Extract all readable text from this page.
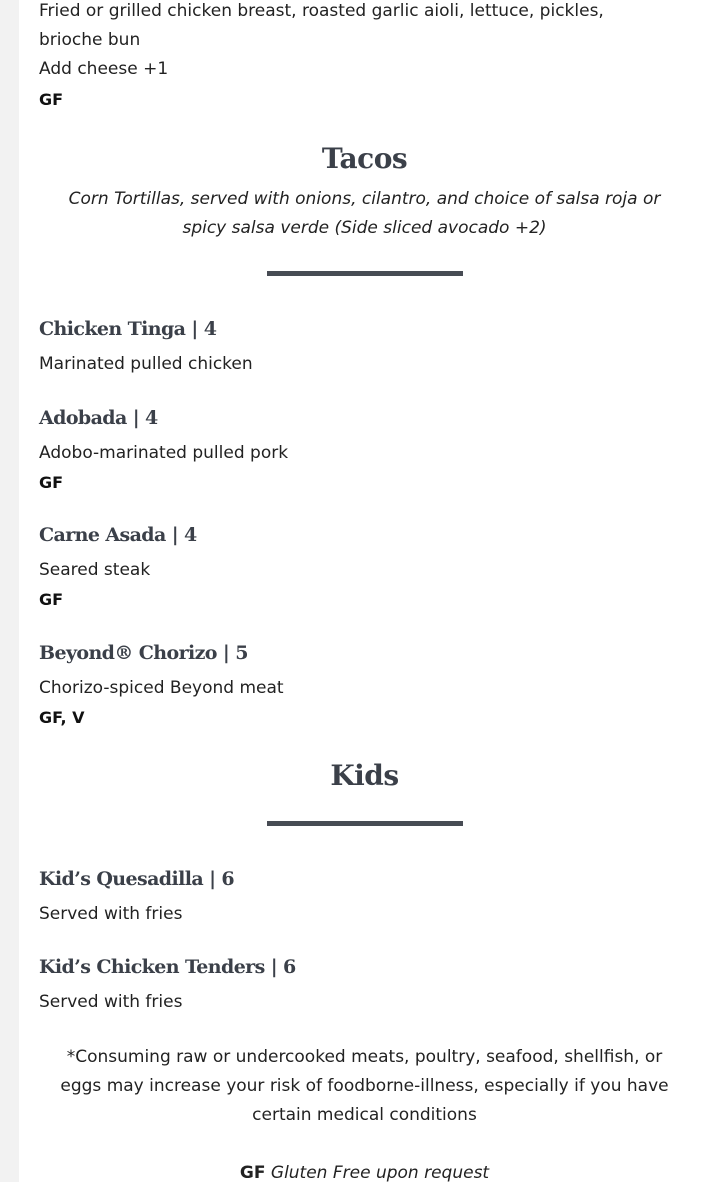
Fried or grilled chicken breast, roasted garlic aioli, lettuce, pickles,
brioche bun
Add cheese +1
GF
Tacos
Corn Tortillas, served with onions, cilantro, and choice of salsa roja or
spicy salsa verde (Side sliced avocado +2)
Chicken Tinga | 4
Marinated pulled chicken
Adobada | 4
Adobo-marinated pulled pork
GF
Carne Asada | 4
Seared steak
GF
Beyond® Chorizo | 5
Chorizo-spiced Beyond meat
GF, V
Kids
Kid’s Quesadilla | 6
Served with fries
Kid’s Chicken Tenders | 6
Served with fries
*Consuming raw or undercooked meats, poultry, seafood, shellfish, or
eggs may increase your risk of foodborne-illness, especially if you have
certain medical conditions
GF Gluten Free upon request
